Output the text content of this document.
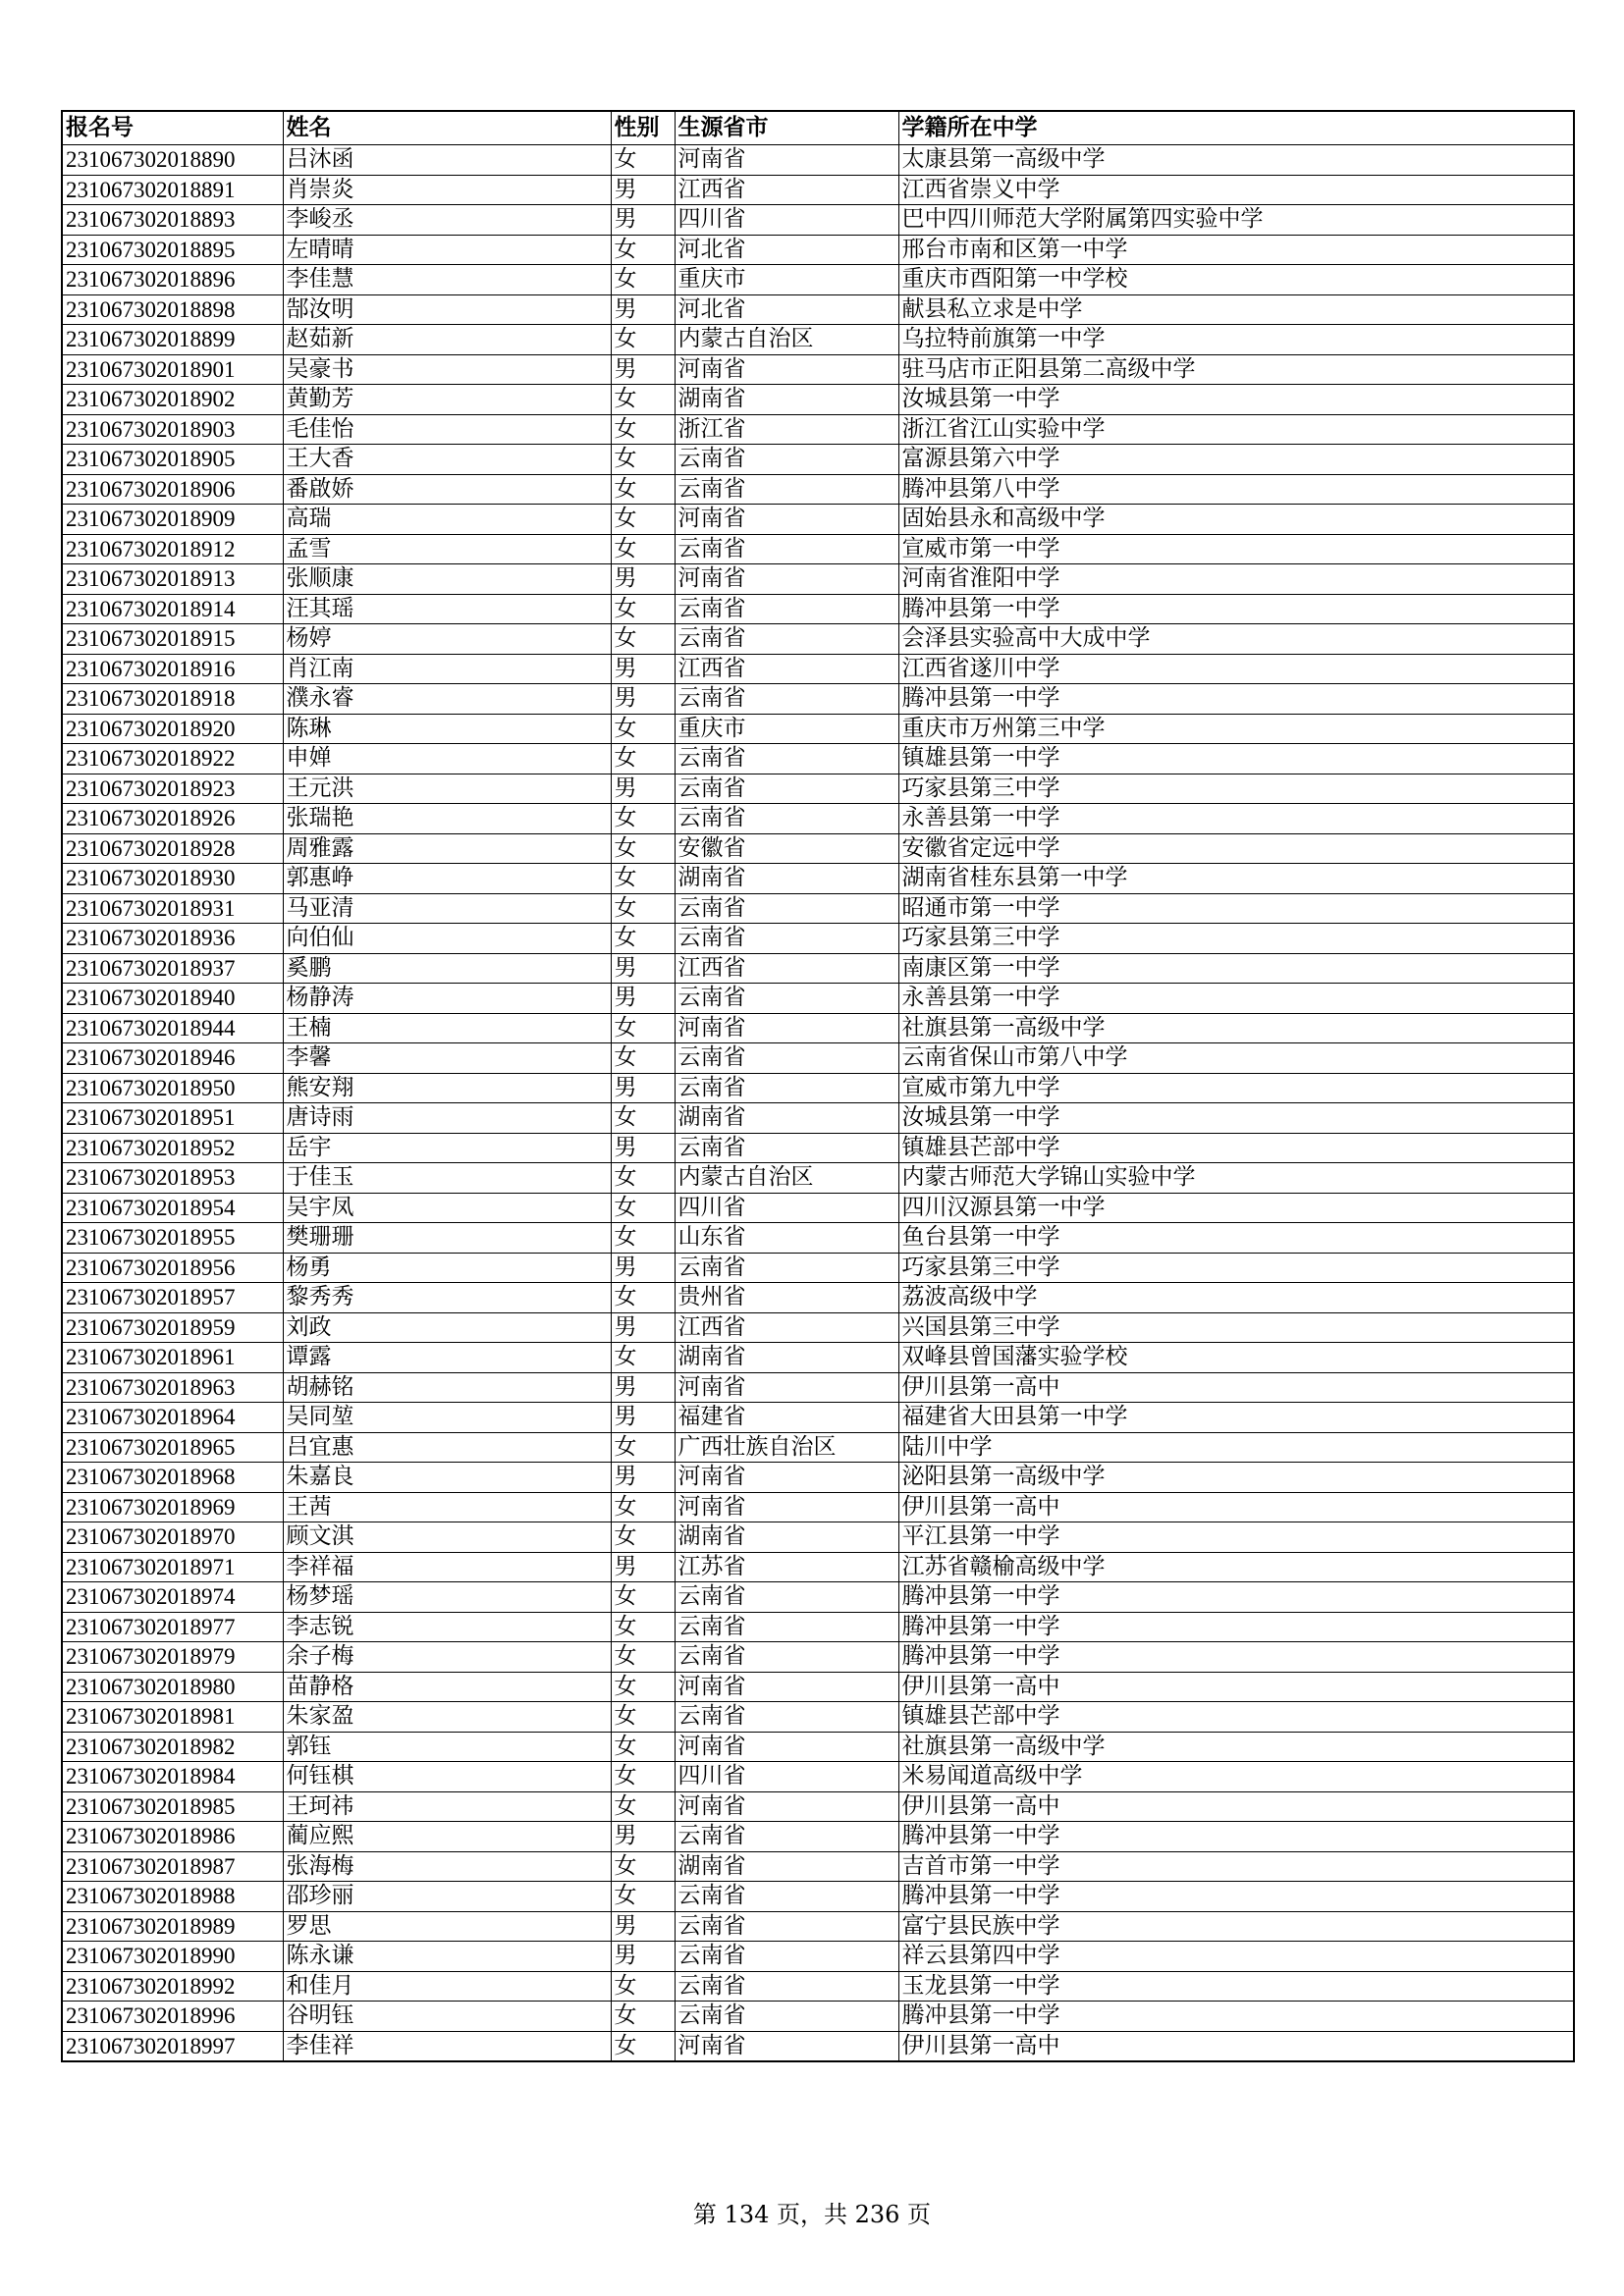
报名号	姓名	性别	生源省市	学籍所在中学
231067302018890	吕沐函	女	河南省	太康县第一高级中学
231067302018891	肖崇炎	男	江西省	江西省崇义中学
231067302018893	李峻丞	男	四川省	巴中四川师范大学附属第四实验中学
231067302018895	左晴晴	女	河北省	邢台市南和区第一中学
231067302018896	李佳慧	女	重庆市	重庆市酉阳第一中学校
231067302018898	郜汝明	男	河北省	献县私立求是中学
231067302018899	赵茹新	女	内蒙古自治区	乌拉特前旗第一中学
231067302018901	吴豪书	男	河南省	驻马店市正阳县第二高级中学
231067302018902	黄勤芳	女	湖南省	汝城县第一中学
231067302018903	毛佳怡	女	浙江省	浙江省江山实验中学
231067302018905	王大香	女	云南省	富源县第六中学
231067302018906	番啟娇	女	云南省	腾冲县第八中学
231067302018909	高瑞	女	河南省	固始县永和高级中学
231067302018912	孟雪	女	云南省	宣威市第一中学
231067302018913	张顺康	男	河南省	河南省淮阳中学
231067302018914	汪其瑶	女	云南省	腾冲县第一中学
231067302018915	杨婷	女	云南省	会泽县实验高中大成中学
231067302018916	肖江南	男	江西省	江西省遂川中学
231067302018918	濮永睿	男	云南省	腾冲县第一中学
231067302018920	陈琳	女	重庆市	重庆市万州第三中学
231067302018922	申婵	女	云南省	镇雄县第一中学
231067302018923	王元洪	男	云南省	巧家县第三中学
231067302018926	张瑞艳	女	云南省	永善县第一中学
231067302018928	周雅露	女	安徽省	安徽省定远中学
231067302018930	郭惠峥	女	湖南省	湖南省桂东县第一中学
231067302018931	马亚清	女	云南省	昭通市第一中学
231067302018936	向伯仙	女	云南省	巧家县第三中学
231067302018937	奚鹏	男	江西省	南康区第一中学
231067302018940	杨静涛	男	云南省	永善县第一中学
231067302018944	王楠	女	河南省	社旗县第一高级中学
231067302018946	李馨	女	云南省	云南省保山市第八中学
231067302018950	熊安翔	男	云南省	宣威市第九中学
231067302018951	唐诗雨	女	湖南省	汝城县第一中学
231067302018952	岳宇	男	云南省	镇雄县芒部中学
231067302018953	于佳玉	女	内蒙古自治区	内蒙古师范大学锦山实验中学
231067302018954	吴宇凤	女	四川省	四川汉源县第一中学
231067302018955	樊珊珊	女	山东省	鱼台县第一中学
231067302018956	杨勇	男	云南省	巧家县第三中学
231067302018957	黎秀秀	女	贵州省	荔波高级中学
231067302018959	刘政	男	江西省	兴国县第三中学
231067302018961	谭露	女	湖南省	双峰县曾国藩实验学校
231067302018963	胡赫铭	男	河南省	伊川县第一高中
231067302018964	吴同堃	男	福建省	福建省大田县第一中学
231067302018965	吕宜惠	女	广西壮族自治区	陆川中学
231067302018968	朱嘉良	男	河南省	泌阳县第一高级中学
231067302018969	王茜	女	河南省	伊川县第一高中
231067302018970	顾文淇	女	湖南省	平江县第一中学
231067302018971	李祥福	男	江苏省	江苏省赣榆高级中学
231067302018974	杨梦瑶	女	云南省	腾冲县第一中学
231067302018977	李志锐	女	云南省	腾冲县第一中学
231067302018979	余子梅	女	云南省	腾冲县第一中学
231067302018980	苗静格	女	河南省	伊川县第一高中
231067302018981	朱家盈	女	云南省	镇雄县芒部中学
231067302018982	郭钰	女	河南省	社旗县第一高级中学
231067302018984	何钰棋	女	四川省	米易闻道高级中学
231067302018985	王珂祎	女	河南省	伊川县第一高中
231067302018986	蔺应熙	男	云南省	腾冲县第一中学
231067302018987	张海梅	女	湖南省	吉首市第一中学
231067302018988	邵珍丽	女	云南省	腾冲县第一中学
231067302018989	罗思	男	云南省	富宁县民族中学
231067302018990	陈永谦	男	云南省	祥云县第四中学
231067302018992	和佳月	女	云南省	玉龙县第一中学
231067302018996	谷明钰	女	云南省	腾冲县第一中学
231067302018997	李佳祥	女	河南省	伊川县第一高中
第 134 页，共 236 页
